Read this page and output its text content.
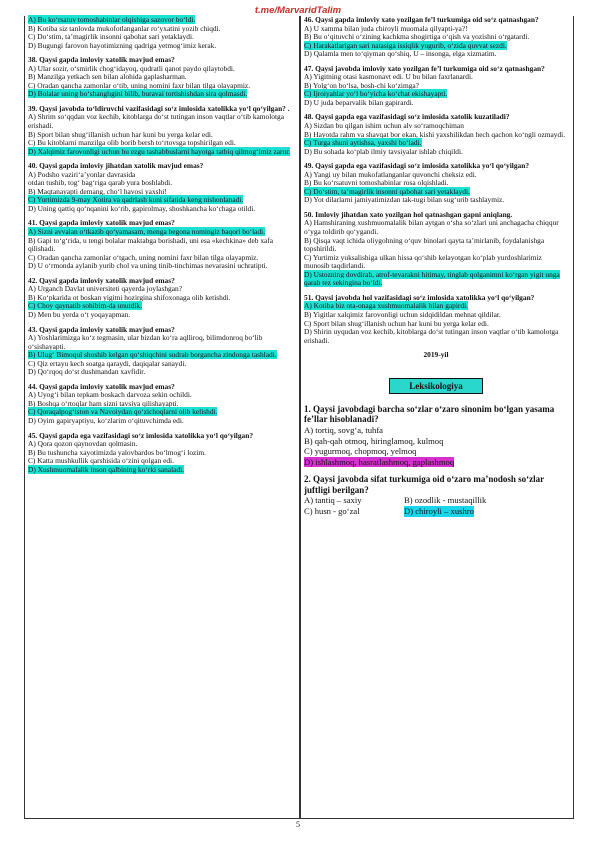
t.me/MarvaridTalim
A) Bu ko‘rsatuv tomoshabinlar olqishiga sazovor bo‘ldi.
B) Kotiba siz tanlovda mukofotlanganlar ro‘yxatini yozib chiqdi.
C) Do‘stim, ta’magirlik insonni qabohat sari yetaklaydi.
D) Bugungi farovon hayotimizning qadriga yetmog‘imiz kerak.
38. Qaysi gapda imloviy xatolik mavjud emas?
A) Ular sozir, o‘smirlik chog‘idayoq, qudratli qanot paydo qilaytobdi.
B) Manzilga yetkach sen bilan alohida gaplasharman.
C) Oradan qancha zamonlar o‘tib, uning nomini faxr bilan tilga olayapmiz.
D) Bolalar uning bo‘shanglıgini bilib, buravai tortishishdan sira qolmasdi.
39. Qaysi javobda to‘ldiruvchi vazifasidagi so‘z imlosida xatolikka yo‘l qo‘yilgan? .
A) Shrim so‘qqdan voz kechib, kitoblarga do‘st tutingan inson vaqtlar o‘tib kamolotga erishadi.
B) Sport bilan shug‘illanish uchun har kuni bu yerga kelar edi.
C) Bu kitoblarni manzilga olib borib bersh to‘rtovsga topshirilgan edi.
D) Xalqimiz farovonligi uchun bu ezgu tashabbuslarni hayotga tatbiq qilmog‘imiz zarur.
40. Qaysi gapda imloviy jihatdan xatolik mavjud emas?
A) Podsho vaziri‘a’yonlar davrasida
otdan tushib, tog‘ bag‘riga qarab yura boshlabdi.
B) Maqtanayapti demang, cho‘l havosi yaxshi!
C) Yurtimizda 9-may Xotira va qadrlash kuni sifatida keng nishonlanadi.
D) Uning qattiq qo‘nqanini ko‘rib, gapirolmay, shoshkancha ko‘chaga otildi.
41. Qaysi gapda imloviy xatolik mavjud emas?
A) Sizni avvalan o‘tkazib qo‘yamasam, menga begona nomingiz baqori bo‘ladi.
B) Gapi to‘g‘rida, u tengi bolalar maktabga borishadi, uni esa «kechkina» deb xafa qilishadi.
C) Oradan qancha zamonlar o‘tgach, uning nomini faxr bilan tilga olayapmiz.
D) U o‘rmonda aylanib yurib chol va uning tinib-tinchimas nevarasini uchratipti.
42. Qaysi gapda imloviy xatolik mavjud emas?
A) Urganch Davlat universiteti qayerda joylashgan?
B) Ko‘pkarida ot boskan yigitni hozirgina shifoxonaga olib ketishdi.
C) Choy qaynatib sohibim-da unutdik.
D) Men bu yerda o‘t yoqayapman.
43. Qaysi gapda imloviy xatolik mavjud emas?
A) Yoshlarimizga ko‘z tegmasin, ular bizdan ko‘ra aqlliroq, bilimdonroq bo‘lib o‘sishayapti.
B) Ulug‘ Bimoqul shoshib kelgan qo‘shiqchini sudrab borgancha zindonga tashladi.
C) Qiz ertayu kech soatga qaraydi, daqiqalar sanaydi.
D) Qo‘rqoq do‘st dushmandan xavfidir.
44. Qaysi gapda imloviy xatolik mavjud emas?
A) Uyog‘i bilan tepkam boskach darvoza sekin ochildi.
B) Boshqa o‘rtoqlar ham sizni tavsiya qilishayapti.
C) Qoraqalpog‘iston va Navoiydan qo‘zichoqlarni olib kelishdi.
D) Oyim gapiryaptiyu, ko‘zlarim o‘qituvchimda edi.
45. Qaysi gapda ega vazifasidagi so‘z imlosida xatolikka yo‘l qo‘yilgan?
A) Qora qozon qaynovdan qolmasin.
B) Bu tushuncha xayotimizda yalovbardos bo‘lmog‘i lozim.
C) Katta mushkullik qarshisida o‘zini qolgan edi.
D) Xushmuomalalik inson qalbining ko‘rki sanaladi.
46. Qaysi gapda imloviy xato yozilgan fe’l turkumiga oid so‘z qatnashgan?
A) U xamma bilan juda chiroyli muomala qilyapti-ya?!
B) Bu o‘qituvchi o‘zining kachkma shogirtiga o‘qish va yozishni o‘rgatardi.
C) Harakatlarigan sari natasiga issiqlik yugurib, o‘zida quvvat sezdi.
D) Qalamla men to‘qiyman qo‘shiq, U – insonga, elga xizmatim.
47. Qaysi javobda imloviy xato yozilgan fe’l turkumiga oid so‘z qatnashgan?
A) Yigitning otasi kasmonavt edi. U bu bilan faxrlanardi.
B) Yolg‘on bo‘lsa, bosh-chi ko‘zimga?
C) Ijroiyahlar yo‘l bo‘yicha ko‘chat ekishayapti.
D) U juda beparvalik bilan gapirardi.
48. Qaysi gapda ega vazifasidagi so‘z imlosida xatolik kuzatiladi?
A) Sizdan bu qilgan ishim uchun alv so‘ramoqchiman
B) Hayotda rahm va shavqat bor ekan, kishi yaxshilikdan hech qachon ko‘ngli ozmaydi.
C) Turga shuni aytishsa, yaxshi bo‘ladi.
D) Bu sohada ko‘plab ilmiy tavsiyalar ishlab chiqildi.
49. Qaysi gapda ega vazifasidagi so‘z imlosida xatolikka yo‘l qo‘yilgan?
A) Yangi uy bilan mukofatlanganlar quvonchi cheksiz edi.
B) Bu ko‘rsatuvni tomoshabinlar rosa olqishladi.
C) Do‘stim, ta’magirlik insonni qabohat sari yetaklaydi.
D) Yot dilarlarni jamiyatimizdan tak-tugi bilan sug‘urib tashlaymiz.
50. Imloviy jihatdan xato yozilgan hol qatnashgan gapni aniqlang.
A) Hamshiraning xushmuomalalik bilan aytgan o‘sha so‘zlari uni anchagacha chiqqur o‘yga toldirib qo‘ygandi.
B) Qisqa vaqt ichida oliygohning o‘quv binolari qayta ta’mirlanib, foydalanishga topshirildi.
C) Yurtimiz yuksalishiga ulkan hissa qo‘shib kelayotgan ko‘plab yurdoshlarimiz munosib taqdirlandi.
D) Ustozning dovdirab, atrof-tevarakni hitimay, tinglab qolganimni ko‘rgan yigit unga qarab tez sekingina bo‘ldi.
51. Qaysi javobda hol vazifasidagi so‘z imlosida xatolikka yo‘l qo‘yilgan?
A) Kotiba biz ota-onaga xushmuomalalik bilan gapirdi.
B) Yigitlar xalqimiz farovonligi uchun sidqidildan mehnat qildilar.
C) Sport bilan shug‘illanish uchun har kuni bu yerga kelar edi.
D) Shirin uyqudan voz kechib, kitoblarga do‘st tutingan inson vaqtlar o‘tib kamolotga erishadi.
2019-yil
Leksikologiya
1. Qaysi javobdagi barcha so‘zlar o‘zaro sinonim bo‘lgan yasama fe’llar hisoblanadi?
A) tortiq, sovg‘a, tuhfa
B) qah-qah otmoq, hiringlamoq, kulmoq
C) yugurmoq, chopmoq, yelmoq
D) ishlashmoq, hasratlashmoq, gaplashmoq
2. Qaysi javobda sifat turkumiga oid o‘zaro ma’nodosh so‘zlar juftligi berilgan?
A) tantiq – saxiy	B) ozodlik - mustaqillik
C) husn - go‘zal	D) chiroyli – xushro
5
